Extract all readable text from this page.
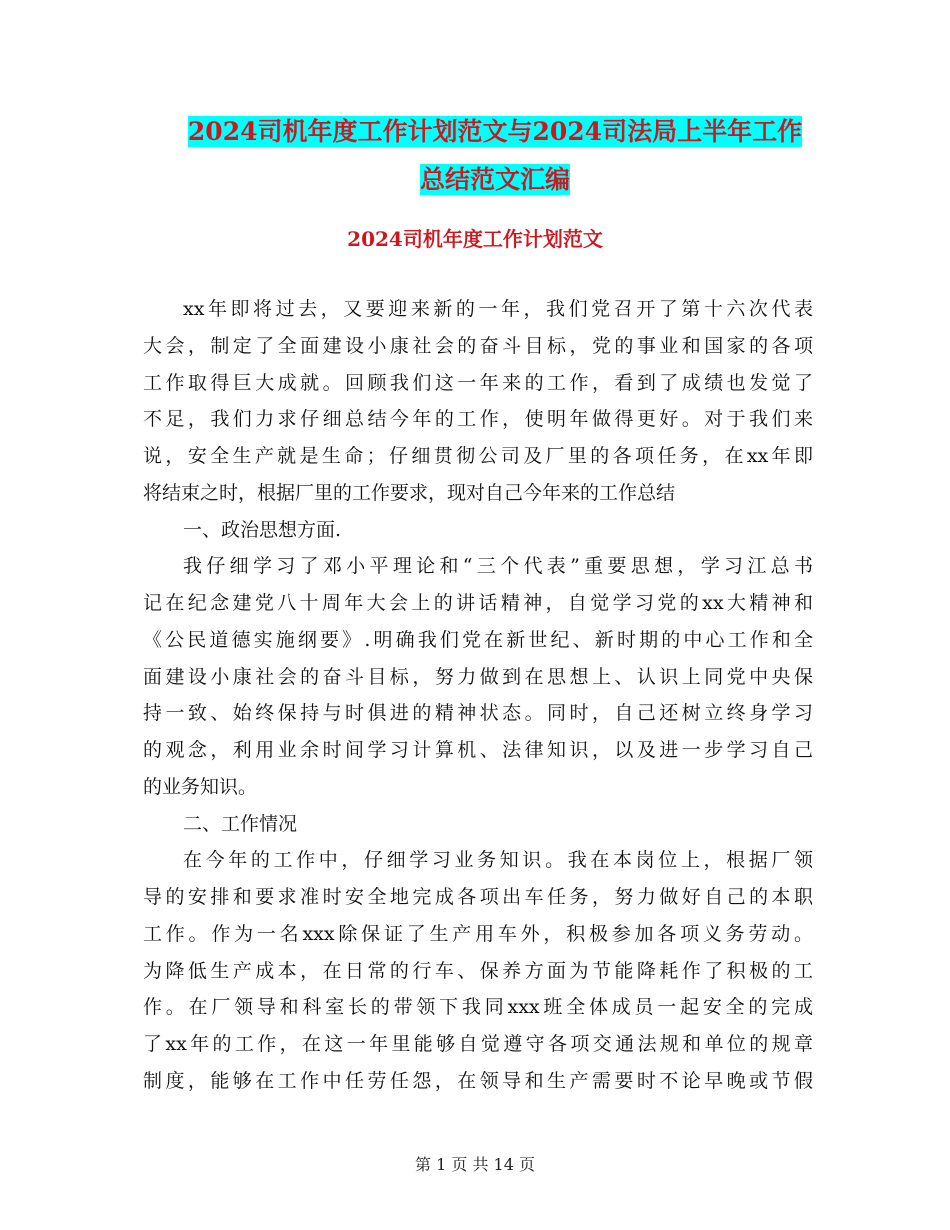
2024司机年度工作计划范文与2024司法局上半年工作
总结范文汇编
2024司机年度工作计划范文
xx年即将过去，又要迎来新的一年，我们党召开了第十六次代表
大会，制定了全面建设小康社会的奋斗目标，党的事业和国家的各项
工作取得巨大成就。回顾我们这一年来的工作，看到了成绩也发觉了
不足，我们力求仔细总结今年的工作，使明年做得更好。对于我们来
说，安全生产就是生命；仔细贯彻公司及厂里的各项任务，在xx年即
将结束之时，根据厂里的工作要求，现对自己今年来的工作总结
一、政治思想方面.
我仔细学习了邓小平理论和“三个代表”重要思想，学习江总书
记在纪念建党八十周年大会上的讲话精神，自觉学习党的xx大精神和
《公民道德实施纲要》.明确我们党在新世纪、新时期的中心工作和全
面建设小康社会的奋斗目标，努力做到在思想上、认识上同党中央保
持一致、始终保持与时俱进的精神状态。同时，自己还树立终身学习
的观念，利用业余时间学习计算机、法律知识，以及进一步学习自己
的业务知识。
二、工作情况
在今年的工作中，仔细学习业务知识。我在本岗位上，根据厂领
导的安排和要求准时安全地完成各项出车任务，努力做好自己的本职
工作。作为一名xxx除保证了生产用车外，积极参加各项义务劳动。
为降低生产成本，在日常的行车、保养方面为节能降耗作了积极的工
作。在厂领导和科室长的带领下我同xxx班全体成员一起安全的完成
了xx年的工作，在这一年里能够自觉遵守各项交通法规和单位的规章
制度，能够在工作中任劳任怨，在领导和生产需要时不论早晚或节假
第 1 页 共 14 页
